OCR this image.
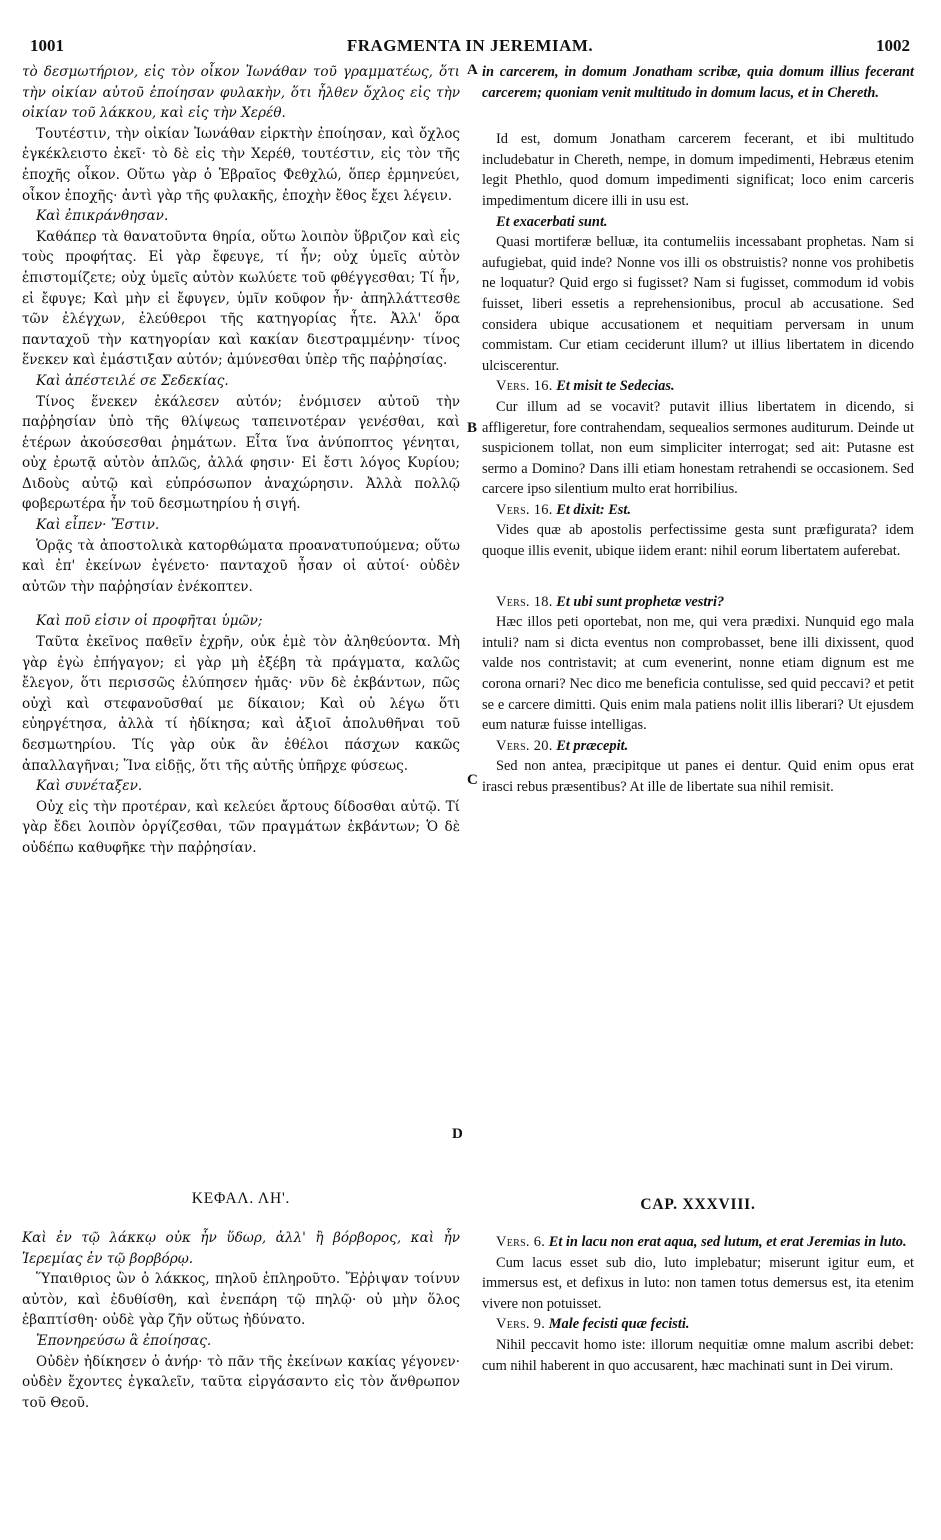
1001	FRAGMENTA IN JEREMIAM.	1002
A
B
C
D

τὸ δεσμωτήριον, εἰς τὸν οἶκον Ἰωνάθαν τοῦ γραμματέως, ὅτι τὴν οἰκίαν αὐτοῦ ἐποίησαν φυλακὴν, ὅτι ἦλθεν ὄχλος εἰς τὴν οἰκίαν τοῦ λάκκου, καὶ εἰς τὴν Χερέθ.

Τουτέστιν, τὴν οἰκίαν Ἰωνάθαν εἱρκτὴν ἐποίησαν, καὶ ὄχλος ἐγκέκλειστο ἐκεῖ· τὸ δὲ εἰς τὴν Χερέθ, τουτέστιν, εἰς τὸν τῆς ἐποχῆς οἶκον. Οὕτω γὰρ ὁ Ἑβραῖος Φεθχλώ, ὅπερ ἑρμηνεύει, οἶκον ἐποχῆς· ἀντὶ γὰρ τῆς φυλακῆς, ἐποχὴν ἔθος ἔχει λέγειν.

Καὶ ἐπικράνθησαν.

Καθάπερ τὰ θανατοῦντα θηρία, οὕτω λοιπὸν ὕβριζον καὶ εἰς τοὺς προφήτας. Εἰ γὰρ ἔφευγε, τί ἦν; οὐχ ὑμεῖς αὐτὸν ἐπιστομίζετε; οὐχ ὑμεῖς αὐτὸν κωλύετε τοῦ φθέγγεσθαι; Τί ἦν, εἰ ἔφυγε; Καὶ μὴν εἰ ἔφυγεν, ὑμῖν κοῦφον ἦν· ἀπηλλάττεσθε τῶν ἐλέγχων, ἐλεύθεροι τῆς κατηγορίας ἦτε. Ἀλλ' ὅρα πανταχοῦ τὴν κατηγορίαν καὶ κακίαν διεστραμμένην· τίνος ἕνεκεν καὶ ἐμάστιξαν αὐτόν; ἀμύνεσθαι ὑπὲρ τῆς παῤῥησίας.

Καὶ ἀπέστειλέ σε Σεδεκίας.

Τίνος ἕνεκεν ἐκάλεσεν αὐτόν; ἐνόμισεν αὐτοῦ τὴν παῤῥησίαν ὑπὸ τῆς θλίψεως ταπεινοτέραν γενέσθαι, καὶ ἑτέρων ἀκούσεσθαι ῥημάτων. Εἶτα ἵνα ἀνύποπτος γένηται, οὐχ ἐρωτᾷ αὐτὸν ἁπλῶς, ἀλλά φησιν· Εἰ ἔστι λόγος Κυρίου; Διδοὺς αὐτῷ καὶ εὐπρόσωπον ἀναχώρησιν. Ἀλλὰ πολλῷ φοβερωτέρα ἦν τοῦ δεσμωτηρίου ἡ σιγή.

Καὶ εἶπεν· Ἔστιν.

Ὁρᾷς τὰ ἀποστολικὰ κατορθώματα προανατυπούμενα; οὕτω καὶ ἐπ' ἐκείνων ἐγένετο· πανταχοῦ ἦσαν οἱ αὐτοί· οὐδὲν αὐτῶν τὴν παῤῥησίαν ἐνέκοπτεν.

Καὶ ποῦ εἰσιν οἱ προφῆται ὑμῶν;

Ταῦτα ἐκεῖνος παθεῖν ἐχρῆν, οὐκ ἐμὲ τὸν ἀληθεύοντα. Μὴ γὰρ ἐγὼ ἐπήγαγον; εἰ γὰρ μὴ ἐξέβη τὰ πράγματα, καλῶς ἔλεγον, ὅτι περισσῶς ἐλύπησεν ἡμᾶς· νῦν δὲ ἐκβάντων, πῶς οὐχὶ καὶ στεφανοῦσθαί με δίκαιον; Καὶ οὐ λέγω ὅτι εὐηργέτησα, ἀλλὰ τί ἠδίκησα; καὶ ἀξιοῖ ἀπολυθῆναι τοῦ δεσμωτηρίου. Τίς γὰρ οὐκ ἂν ἐθέλοι πάσχων κακῶς ἀπαλλαγῆναι; Ἵνα εἰδῇς, ὅτι τῆς αὐτῆς ὑπῆρχε φύσεως.

Καὶ συνέταξεν.

Οὐχ εἰς τὴν προτέραν, καὶ κελεύει ἄρτους δίδοσθαι αὐτῷ. Τί γὰρ ἔδει λοιπὸν ὀργίζεσθαι, τῶν πραγμάτων ἐκβάντων; Ὁ δὲ οὐδέπω καθυφῆκε τὴν παῤῥησίαν.

in carcerem, in domum Jonatham scribæ, quia domum illius fecerant carcerem; quoniam venit multitudo in domum lacus, et in Chereth.

Id est, domum Jonatham carcerem fecerant, et ibi multitudo includebatur in Chereth, nempe, in domum impedimenti, Hebræus etenim legit Phethlo, quod domum impedimenti significat; loco enim carceris impedimentum dicere illi in usu est.

Et exacerbati sunt.

Quasi mortiferæ belluæ, ita contumeliis incessabant prophetas. Nam si aufugiebat, quid inde? Nonne vos illi os obstruistis? nonne vos prohibetis ne loquatur? Quid ergo si fugisset? Nam si fugisset, commodum id vobis fuisset, liberi essetis a reprehensionibus, procul ab accusatione. Sed considera ubique accusationem et nequitiam perversam in unum commistam. Cur etiam ceciderunt illum? ut illius libertatem in dicendo ulciscerentur.

Vers. 16. Et misit te Sedecias.

Cur illum ad se vocavit? putavit illius libertatem in dicendo, si affligeretur, fore contrahendam, sequealios sermones auditurum. Deinde ut suspicionem tollat, non eum simpliciter interrogat; sed ait: Putasne est sermo a Domino? Dans illi etiam honestam retrahendi se occasionem. Sed carcere ipso silentium multo erat horribilius.

Vers. 16. Et dixit: Est.

Vides quæ ab apostolis perfectissime gesta sunt præfigurata? idem quoque illis evenit, ubique iidem erant: nihil eorum libertatem auferebat.

Vers. 18. Et ubi sunt prophetæ vestri?

Hæc illos peti oportebat, non me, qui vera prædixi. Nunquid ego mala intuli? nam si dicta eventus non comprobasset, bene illi dixissent, quod valde nos contristavit; at cum evenerint, nonne etiam dignum est me corona ornari? Nec dico me beneficia contulisse, sed quid peccavi? et petit se e carcere dimitti. Quis enim mala patiens nolit illis liberari? Ut ejusdem eum naturæ fuisse intelligas.

Vers. 20. Et præcepit.

Sed non antea, præcipitque ut panes ei dentur. Quid enim opus erat irasci rebus præsentibus? At ille de libertate sua nihil remisit.

ΚΕΦΑΛ. ΛΗ'.	CAP. XXXVIII.

Καὶ ἐν τῷ λάκκῳ οὐκ ἦν ὕδωρ, ἀλλ' ἢ βόρβορος, καὶ ἦν Ἱερεμίας ἐν τῷ βορβόρῳ.

Ὕπαιθριος ὢν ὁ λάκκος, πηλοῦ ἐπληροῦτο. Ἔῤῥιψαν τοίνυν αὐτὸν, καὶ ἐδυθίσθη, καὶ ἐνεπάρη τῷ πηλῷ· οὐ μὴν ὅλος ἐβαπτίσθη· οὐδὲ γὰρ ζῆν οὕτως ἠδύνατο.

Ἐπονηρεύσω ἃ ἐποίησας.

Οὐδὲν ἠδίκησεν ὁ ἀνήρ· τὸ πᾶν τῆς ἐκείνων κακίας γέγονεν· οὐδὲν ἔχοντες ἐγκαλεῖν, ταῦτα εἰργάσαντο εἰς τὸν ἄνθρωπον τοῦ Θεοῦ.

Vers. 6. Et in lacu non erat aqua, sed lutum, et erat Jeremias in luto.

Cum lacus esset sub dio, luto implebatur; miserunt igitur eum, et immersus est, et defixus in luto: non tamen totus demersus est, ita etenim vivere non potuisset.

Vers. 9. Male fecisti quæ fecisti.

Nihil peccavit homo iste: illorum nequitiæ omne malum ascribi debet: cum nihil haberent in quo accusarent, hæc machinati sunt in Dei virum.
